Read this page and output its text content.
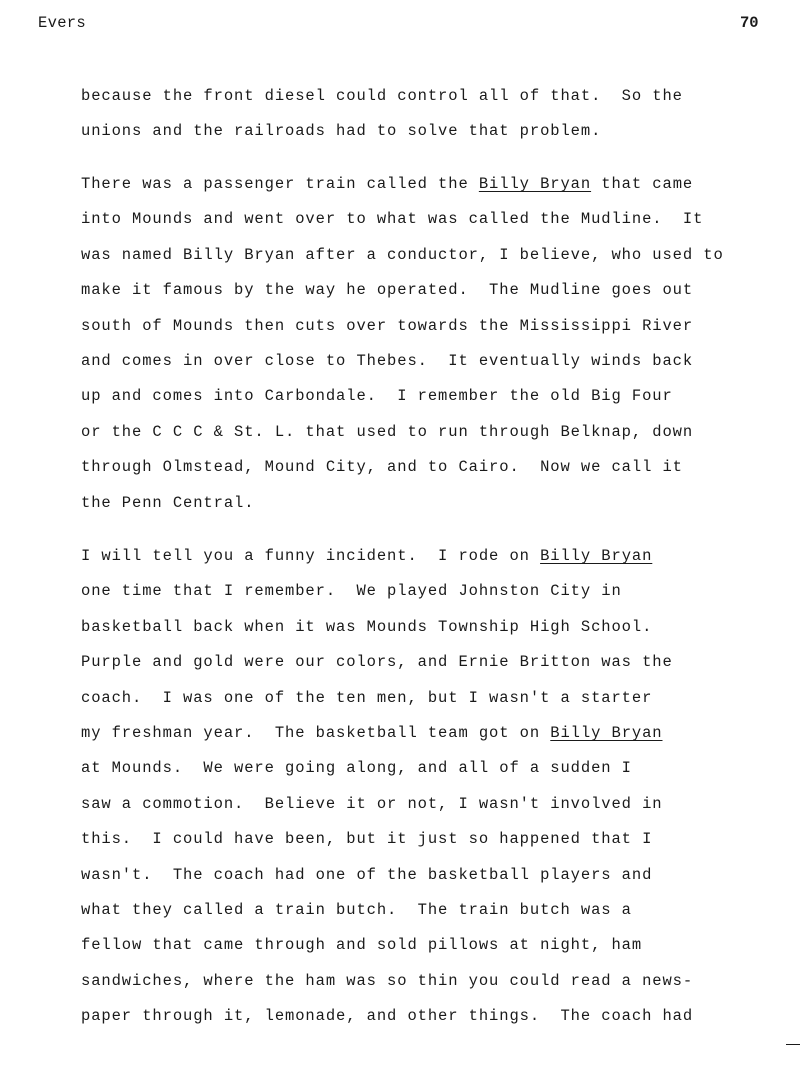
Evers	70
because the front diesel could control all of that.  So the
unions and the railroads had to solve that problem.
There was a passenger train called the Billy Bryan that came
into Mounds and went over to what was called the Mudline.  It
was named Billy Bryan after a conductor, I believe, who used to
make it famous by the way he operated.  The Mudline goes out
south of Mounds then cuts over towards the Mississippi River
and comes in over close to Thebes.  It eventually winds back
up and comes into Carbondale.  I remember the old Big Four
or the C C C & St. L. that used to run through Belknap, down
through Olmstead, Mound City, and to Cairo.  Now we call it
the Penn Central.
I will tell you a funny incident.  I rode on Billy Bryan
one time that I remember.  We played Johnston City in
basketball back when it was Mounds Township High School.
Purple and gold were our colors, and Ernie Britton was the
coach.  I was one of the ten men, but I wasn't a starter
my freshman year.  The basketball team got on Billy Bryan
at Mounds.  We were going along, and all of a sudden I
saw a commotion.  Believe it or not, I wasn't involved in
this.  I could have been, but it just so happened that I
wasn't.  The coach had one of the basketball players and
what they called a train butch.  The train butch was a
fellow that came through and sold pillows at night, ham
sandwiches, where the ham was so thin you could read a news-
paper through it, lemonade, and other things.  The coach had
